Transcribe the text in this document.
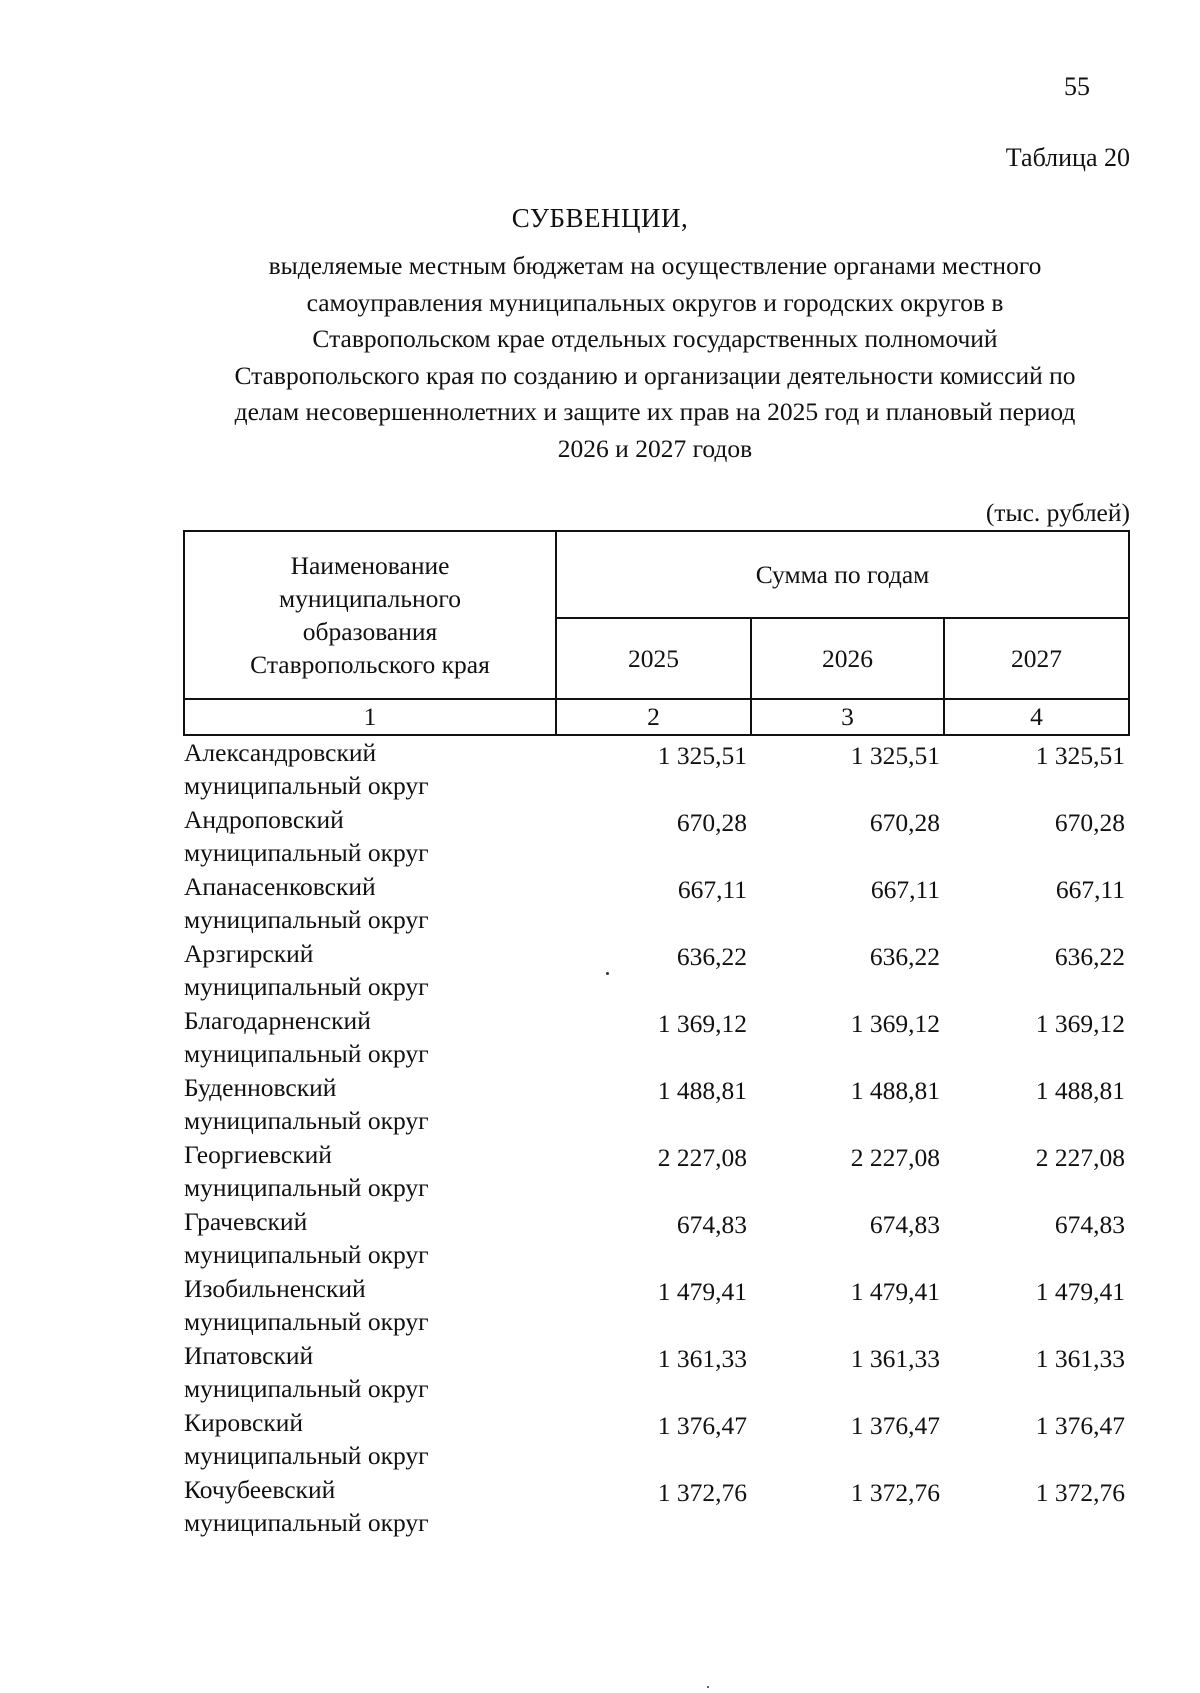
55
Таблица 20
СУБВЕНЦИИ,
выделяемые местным бюджетам на осуществление органами местного
самоуправления муниципальных округов и городских округов в
Ставропольском крае отдельных государственных полномочий
Ставропольского края по созданию и организации деятельности комиссий по
делам несовершеннолетних и защите их прав на 2025 год и плановый период
2026 и 2027 годов
(тыс. рублей)
Наименование
муниципального
образования
Ставропольского края	Сумма по годам		
	2025	2026	2027
1	2	3	4

Александровский
муниципальный округ	1 325,51	1 325,51	1 325,51

Андроповский
муниципальный округ	670,28	670,28	670,28

Апанасенковский
муниципальный округ	667,11	667,11	667,11

Арзгирский
муниципальный округ	636,22	636,22	636,22

Благодарненский
муниципальный округ	1 369,12	1 369,12	1 369,12

Буденновский
муниципальный округ	1 488,81	1 488,81	1 488,81

Георгиевский
муниципальный округ	2 227,08	2 227,08	2 227,08

Грачевский
муниципальный округ	674,83	674,83	674,83

Изобильненский
муниципальный округ	1 479,41	1 479,41	1 479,41

Ипатовский
муниципальный округ	1 361,33	1 361,33	1 361,33

Кировский
муниципальный округ	1 376,47	1 376,47	1 376,47

Кочубеевский
муниципальный округ	1 372,76	1 372,76	1 372,76
